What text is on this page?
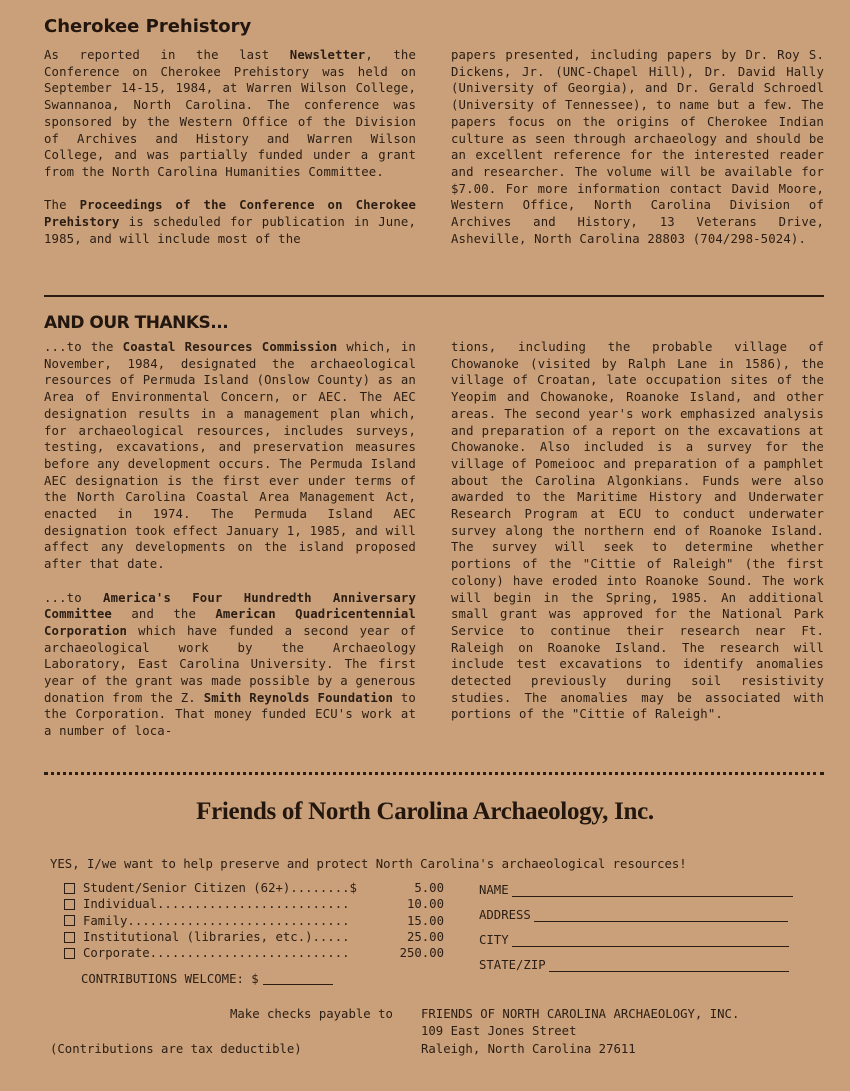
Cherokee Prehistory

As reported in the last Newsletter, the Conference on Cherokee Prehistory was held on September 14-15, 1984, at Warren Wilson College, Swannanoa, North Carolina. The conference was sponsored by the Western Office of the Division of Archives and History and Warren Wilson College, and was partially funded under a grant from the North Carolina Humanities Committee.

The Proceedings of the Conference on Cherokee Prehistory is scheduled for publication in June, 1985, and will include most of the

papers presented, including papers by Dr. Roy S. Dickens, Jr. (UNC-Chapel Hill), Dr. David Hally (University of Georgia), and Dr. Gerald Schroedl (University of Tennessee), to name but a few. The papers focus on the origins of Cherokee Indian culture as seen through archaeology and should be an excellent reference for the interested reader and researcher. The volume will be available for $7.00. For more information contact David Moore, Western Office, North Carolina Division of Archives and History, 13 Veterans Drive, Asheville, North Carolina 28803 (704/298-5024).

AND OUR THANKS...

...to the Coastal Resources Commission which, in November, 1984, designated the archaeological resources of Permuda Island (Onslow County) as an Area of Environmental Concern, or AEC. The AEC designation results in a management plan which, for archaeological resources, includes surveys, testing, excavations, and preservation measures before any development occurs. The Permuda Island AEC designation is the first ever under terms of the North Carolina Coastal Area Management Act, enacted in 1974. The Permuda Island AEC designation took effect January 1, 1985, and will affect any developments on the island proposed after that date.

...to America's Four Hundredth Anniversary Committee and the American Quadricentennial Corporation which have funded a second year of archaeological work by the Archaeology Laboratory, East Carolina University. The first year of the grant was made possible by a generous donation from the Z. Smith Reynolds Foundation to the Corporation. That money funded ECU's work at a number of loca-

tions, including the probable village of Chowanoke (visited by Ralph Lane in 1586), the village of Croatan, late occupation sites of the Yeopim and Chowanoke, Roanoke Island, and other areas. The second year's work emphasized analysis and preparation of a report on the excavations at Chowanoke. Also included is a survey for the village of Pomeiooc and preparation of a pamphlet about the Carolina Algonkians. Funds were also awarded to the Maritime History and Underwater Research Program at ECU to conduct underwater survey along the northern end of Roanoke Island. The survey will seek to determine whether portions of the "Cittie of Raleigh" (the first colony) have eroded into Roanoke Sound. The work will begin in the Spring, 1985. An additional small grant was approved for the National Park Service to continue their research near Ft. Raleigh on Roanoke Island. The research will include test excavations to identify anomalies detected previously during soil resistivity studies. The anomalies may be associated with portions of the "Cittie of Raleigh".

Friends of North Carolina Archaeology, Inc.
YES, I/we want to help preserve and protect North Carolina's archaeological resources!
Student/Senior Citizen (62+)........$	5.00
Individual..........................	10.00
Family..............................	15.00
Institutional (libraries, etc.).....	25.00
Corporate...........................	250.00
CONTRIBUTIONS WELCOME: $
NAME
ADDRESS
CITY
STATE/ZIP
Make checks payable to FRIENDS OF NORTH CAROLINA ARCHAEOLOGY, INC.
109 East Jones Street
Raleigh, North Carolina 27611
(Contributions are tax deductible)
